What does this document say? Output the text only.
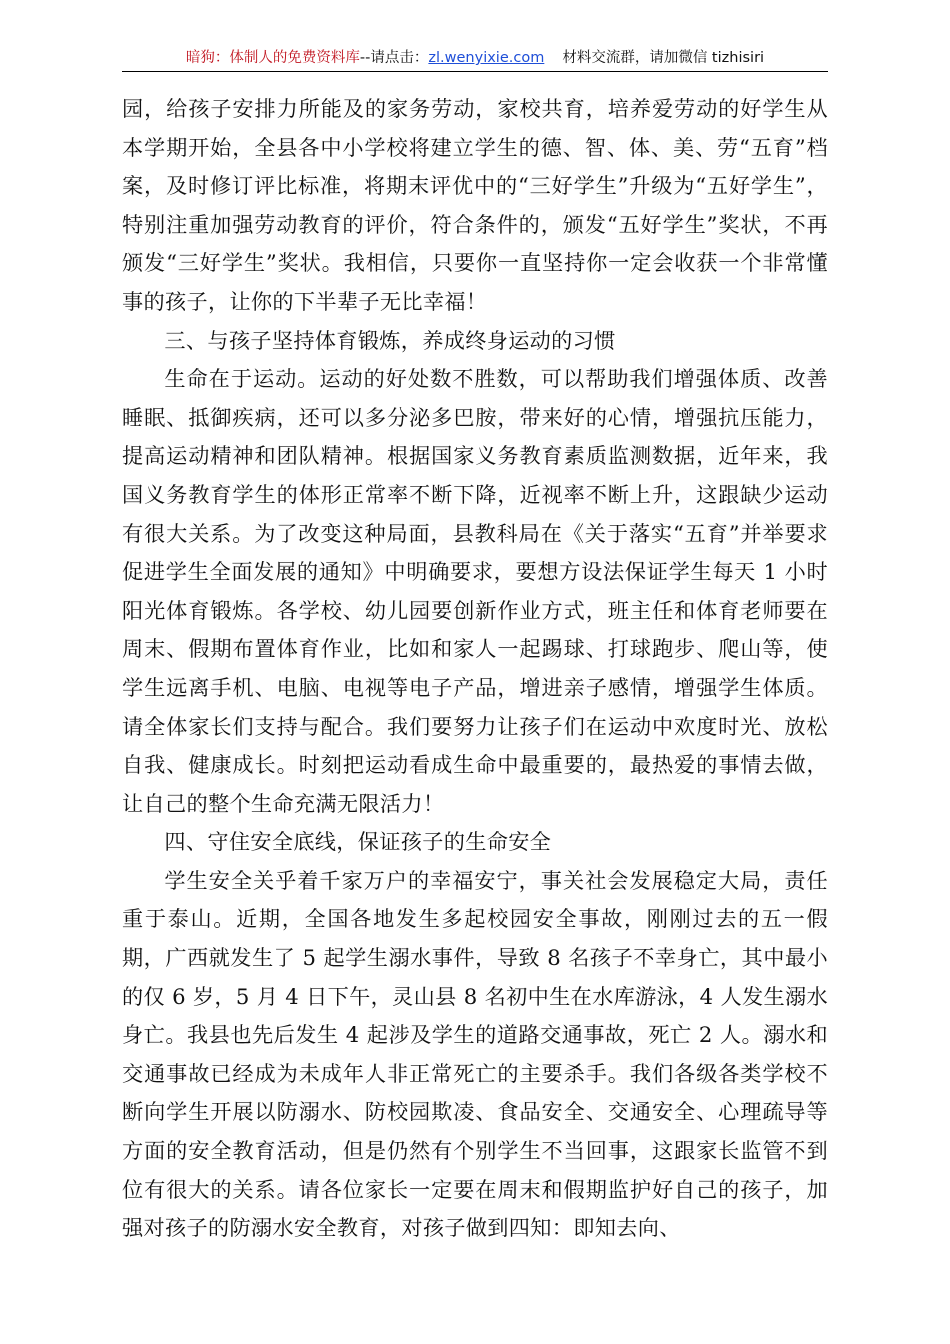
暗狗：体制人的免费资料库--请点击：zl.wenyixie.com 材料交流群，请加微信 tizhisiri

园，给孩子安排力所能及的家务劳动，家校共育，培养爱劳动的好学生从本学期开始，全县各中小学校将建立学生的德、智、体、美、劳“五育”档案，及时修订评比标准，将期末评优中的“三好学生”升级为“五好学生”，特别注重加强劳动教育的评价，符合条件的，颁发“五好学生”奖状，不再颁发“三好学生”奖状。我相信，只要你一直坚持你一定会收获一个非常懂事的孩子，让你的下半辈子无比幸福！

三、与孩子坚持体育锻炼，养成终身运动的习惯

生命在于运动。运动的好处数不胜数，可以帮助我们增强体质、改善睡眠、抵御疾病，还可以多分泌多巴胺，带来好的心情，增强抗压能力，提高运动精神和团队精神。根据国家义务教育素质监测数据，近年来，我国义务教育学生的体形正常率不断下降，近视率不断上升，这跟缺少运动有很大关系。为了改变这种局面，县教科局在《关于落实“五育”并举要求促进学生全面发展的通知》中明确要求，要想方设法保证学生每天 1 小时阳光体育锻炼。各学校、幼儿园要创新作业方式，班主任和体育老师要在周末、假期布置体育作业，比如和家人一起踢球、打球跑步、爬山等，使学生远离手机、电脑、电视等电子产品，增进亲子感情，增强学生体质。请全体家长们支持与配合。我们要努力让孩子们在运动中欢度时光、放松自我、健康成长。时刻把运动看成生命中最重要的，最热爱的事情去做，让自己的整个生命充满无限活力！

四、守住安全底线，保证孩子的生命安全

学生安全关乎着千家万户的幸福安宁，事关社会发展稳定大局，责任重于泰山。近期，全国各地发生多起校园安全事故，刚刚过去的五一假期，广西就发生了 5 起学生溺水事件，导致 8 名孩子不幸身亡，其中最小的仅 6 岁，5 月 4 日下午，灵山县 8 名初中生在水库游泳，4 人发生溺水身亡。我县也先后发生 4 起涉及学生的道路交通事故，死亡 2 人。溺水和交通事故已经成为未成年人非正常死亡的主要杀手。我们各级各类学校不断向学生开展以防溺水、防校园欺凌、食品安全、交通安全、心理疏导等方面的安全教育活动，但是仍然有个别学生不当回事，这跟家长监管不到位有很大的关系。请各位家长一定要在周末和假期监护好自己的孩子，加强对孩子的防溺水安全教育，对孩子做到四知：即知去向、
